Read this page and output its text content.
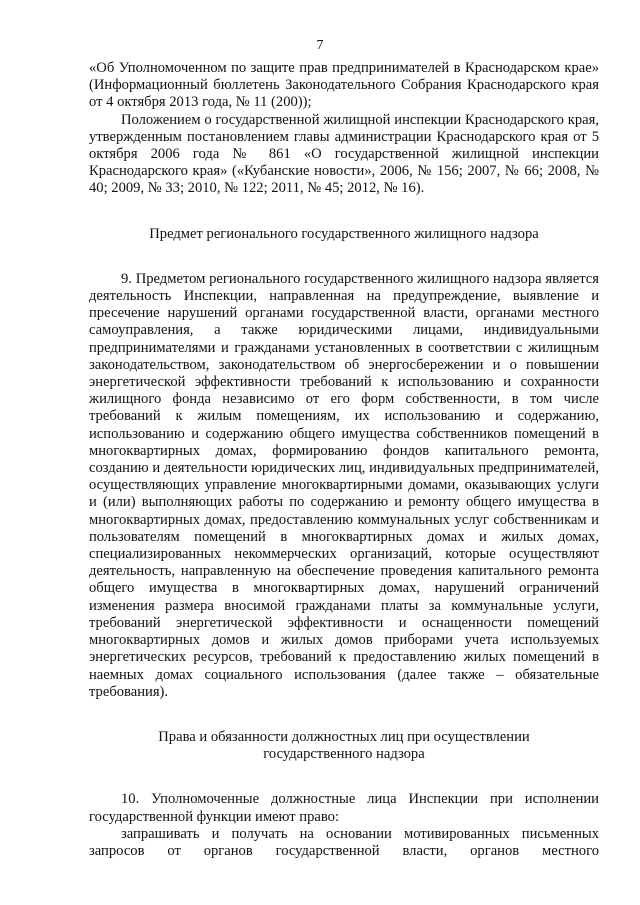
7

«Об Уполномоченном по защите прав предпринимателей в Краснодарском крае» (Информационный бюллетень Законодательного Собрания Краснодарского края от 4 октября 2013 года, № 11 (200));

Положением о государственной жилищной инспекции Краснодарского края, утвержденным постановлением главы администрации Краснодарского края от 5 октября 2006 года № 861 «О государственной жилищной инспекции Краснодарского края» («Кубанские новости», 2006, № 156; 2007, № 66; 2008, № 40; 2009, № 33; 2010, № 122; 2011, № 45; 2012, № 16).

Предмет регионального государственного жилищного надзора

9. Предметом регионального государственного жилищного надзора является деятельность Инспекции, направленная на предупреждение, выявление и пресечение нарушений органами государственной власти, органами местного самоуправления, а также юридическими лицами, индивидуальными предпринимателями и гражданами установленных в соответствии с жилищным законодательством, законодательством об энергосбережении и о повышении энергетической эффективности требований к использованию и сохранности жилищного фонда независимо от его форм собственности, в том числе требований к жилым помещениям, их использованию и содержанию, использованию и содержанию общего имущества собственников помещений в многоквартирных домах, формированию фондов капитального ремонта, созданию и деятельности юридических лиц, индивидуальных предпринимателей, осуществляющих управление многоквартирными домами, оказывающих услуги и (или) выполняющих работы по содержанию и ремонту общего имущества в многоквартирных домах, предоставлению коммунальных услуг собственникам и пользователям помещений в многоквартирных домах и жилых домах, специализированных некоммерческих организаций, которые осуществляют деятельность, направленную на обеспечение проведения капитального ремонта общего имущества в многоквартирных домах, нарушений ограничений изменения размера вносимой гражданами платы за коммунальные услуги, требований энергетической эффективности и оснащенности помещений многоквартирных домов и жилых домов приборами учета используемых энергетических ресурсов, требований к предоставлению жилых помещений в наемных домах социального использования (далее также – обязательные требования).

Права и обязанности должностных лиц при осуществлении

государственного надзора

10. Уполномоченные должностные лица Инспекции при исполнении государственной функции имеют право:

запрашивать и получать на основании мотивированных письменных запросов от органов государственной власти, органов местного
